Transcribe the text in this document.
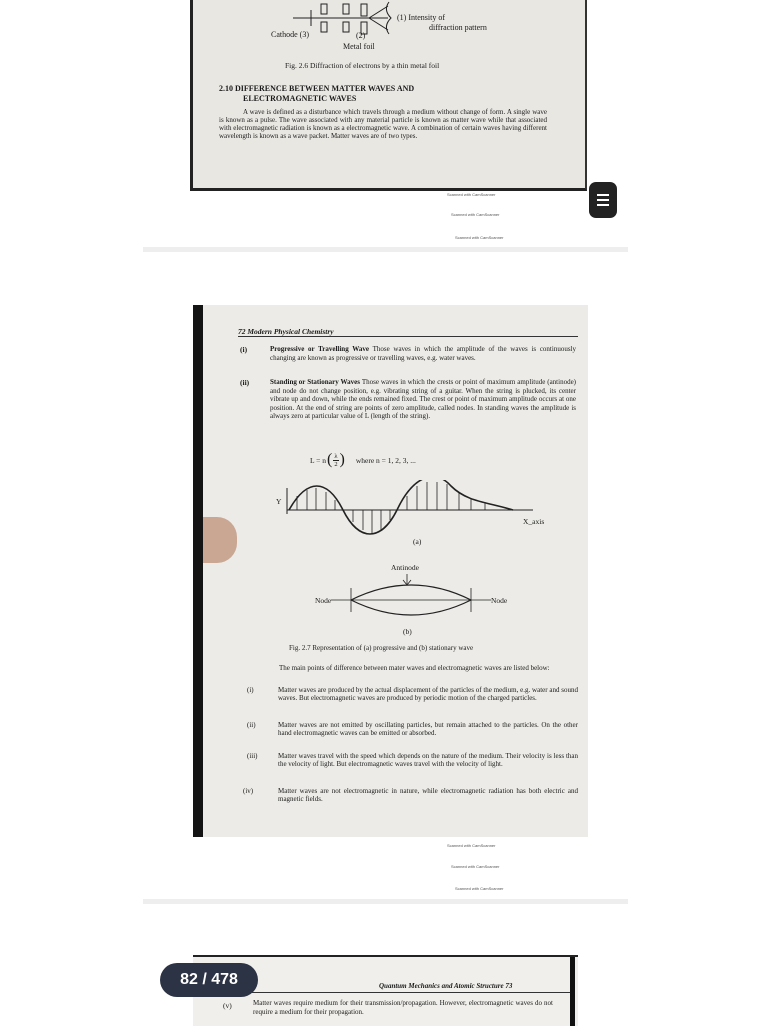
Cathode (3)	(2)
Metal foil
(1) Intensity of
diffraction pattern
Fig. 2.6 Diffraction of electrons by a thin metal foil
2.10 DIFFERENCE BETWEEN MATTER WAVES AND
ELECTROMAGNETIC WAVES
A wave is defined as a disturbance which travels through a medium without change of form. A single wave is known as a pulse. The wave associated with any material particle is known as matter wave while that associated with electromagnetic radiation is known as a electromagnetic wave. A combination of certain waves having different wavelength is known as a wave packet. Matter waves are of two types.
Scanned with CamScanner
Scanned with CamScanner
Scanned with CamScanner
72 Modern Physical Chemistry
(i)	Progressive or Travelling Wave Those waves in which the amplitude of the waves is continuously changing are known as progressive or travelling waves, e.g. water waves.
(ii)	Standing or Stationary Waves Those waves in which the crests or point of maximum amplitude (antinode) and node do not change position, e.g. vibrating string of a guitar. When the string is plucked, its center vibrate up and down, while the ends remained fixed. The crest or point of maximum amplitude occurs at one position. At the end of string are points of zero amplitude, called nodes. In standing waves the amplitude is always zero at particular value of L (length of the string).
L = n ( $\frac{\lambda}{2}$ ) where n = 1, 2, 3, ...
Y
X_axis
(a)
Antinode
Node	Node
(b)
Fig. 2.7 Representation of (a) progressive and (b) stationary wave
The main points of difference between mater waves and electromagnetic waves are listed below:
(i)	Matter waves are produced by the actual displacement of the particles of the medium, e.g. water and sound waves. But electromagnetic waves are produced by periodic motion of the charged particles.
(ii)	Matter waves are not emitted by oscillating particles, but remain attached to the particles. On the other hand electromagnetic waves can be emitted or absorbed.
(iii)	Matter waves travel with the speed which depends on the nature of the medium. Their velocity is less than the velocity of light. But electromagnetic waves travel with the velocity of light.
(iv)	Matter waves are not electromagnetic in nature, while electromagnetic radiation has both electric and magnetic fields.
Scanned with CamScanner
Scanned with CamScanner
Scanned with CamScanner
Quantum Mechanics and Atomic Structure 73
(v)	Matter waves require medium for their transmission/propagation. However, electromagnetic waves do not require a medium for their propagation.
82 / 478
